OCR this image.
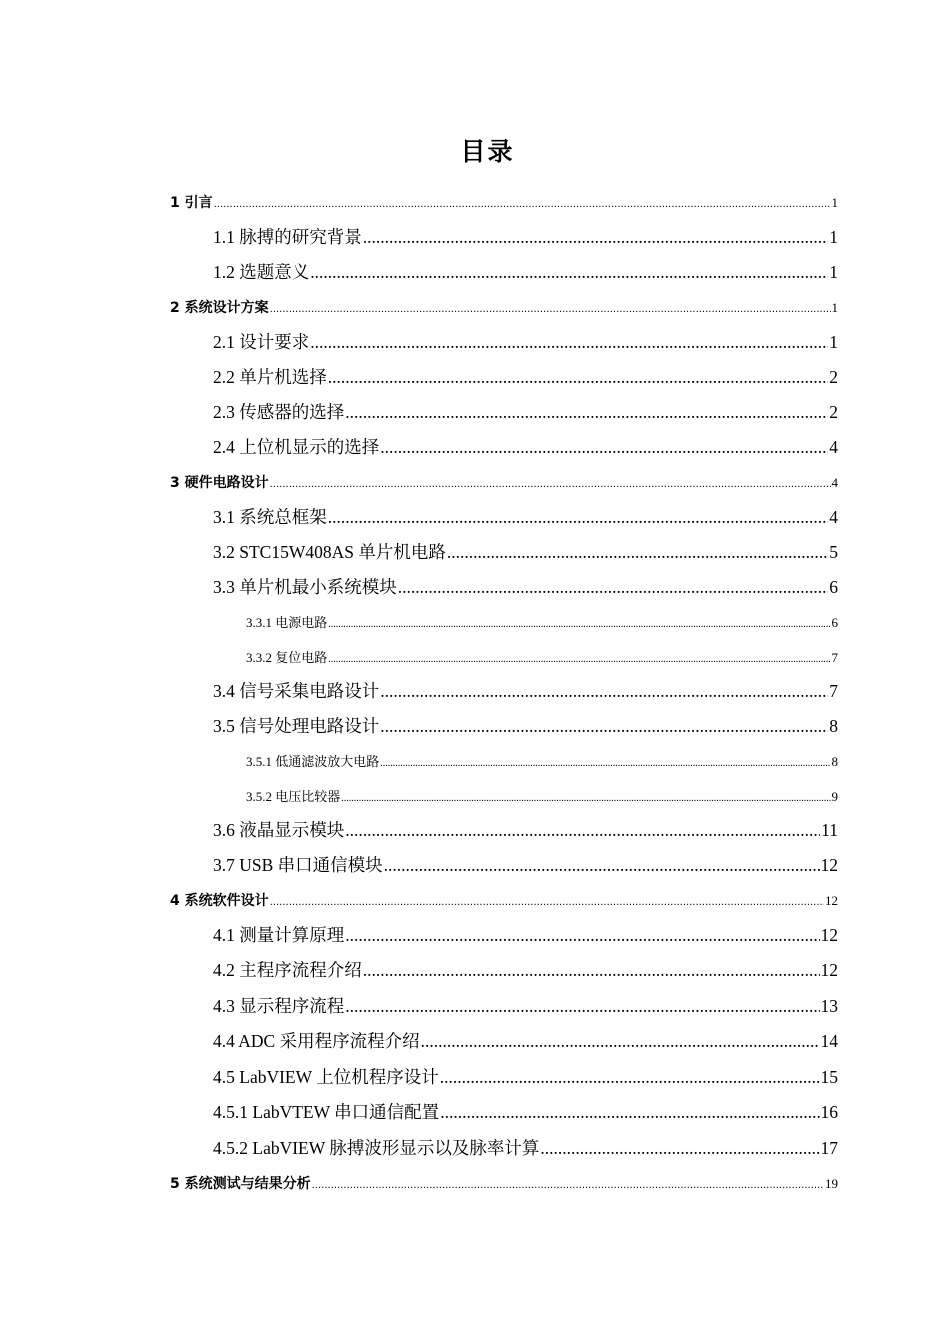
目录
1 引言 .....	1
1.1 脉搏的研究背景 .....	1
1.2 选题意义 .....	1
2 系统设计方案 .....	1
2.1 设计要求 .....	1
2.2 单片机选择 .....	2
2.3 传感器的选择 .....	2
2.4 上位机显示的选择 .....	4
3 硬件电路设计 .....	4
3.1 系统总框架 .....	4
3.2 STC15W408AS 单片机电路 .....	5
3.3 单片机最小系统模块 .....	6
3.3.1 电源电路 .....	6
3.3.2 复位电路 .....	7
3.4 信号采集电路设计 .....	7
3.5 信号处理电路设计 .....	8
3.5.1 低通滤波放大电路 .....	8
3.5.2 电压比较器 .....	9
3.6 液晶显示模块 .....	11
3.7 USB 串口通信模块 .....	12
4 系统软件设计 .....	12
4.1 测量计算原理 .....	12
4.2 主程序流程介绍 .....	12
4.3 显示程序流程 .....	13
4.4 ADC 采用程序流程介绍 .....	14
4.5 LabVIEW 上位机程序设计 .....	15
4.5.1 LabVTEW 串口通信配置 .....	16
4.5.2 LabVIEW 脉搏波形显示以及脉率计算 .....	17
5 系统测试与结果分析 .....	19
